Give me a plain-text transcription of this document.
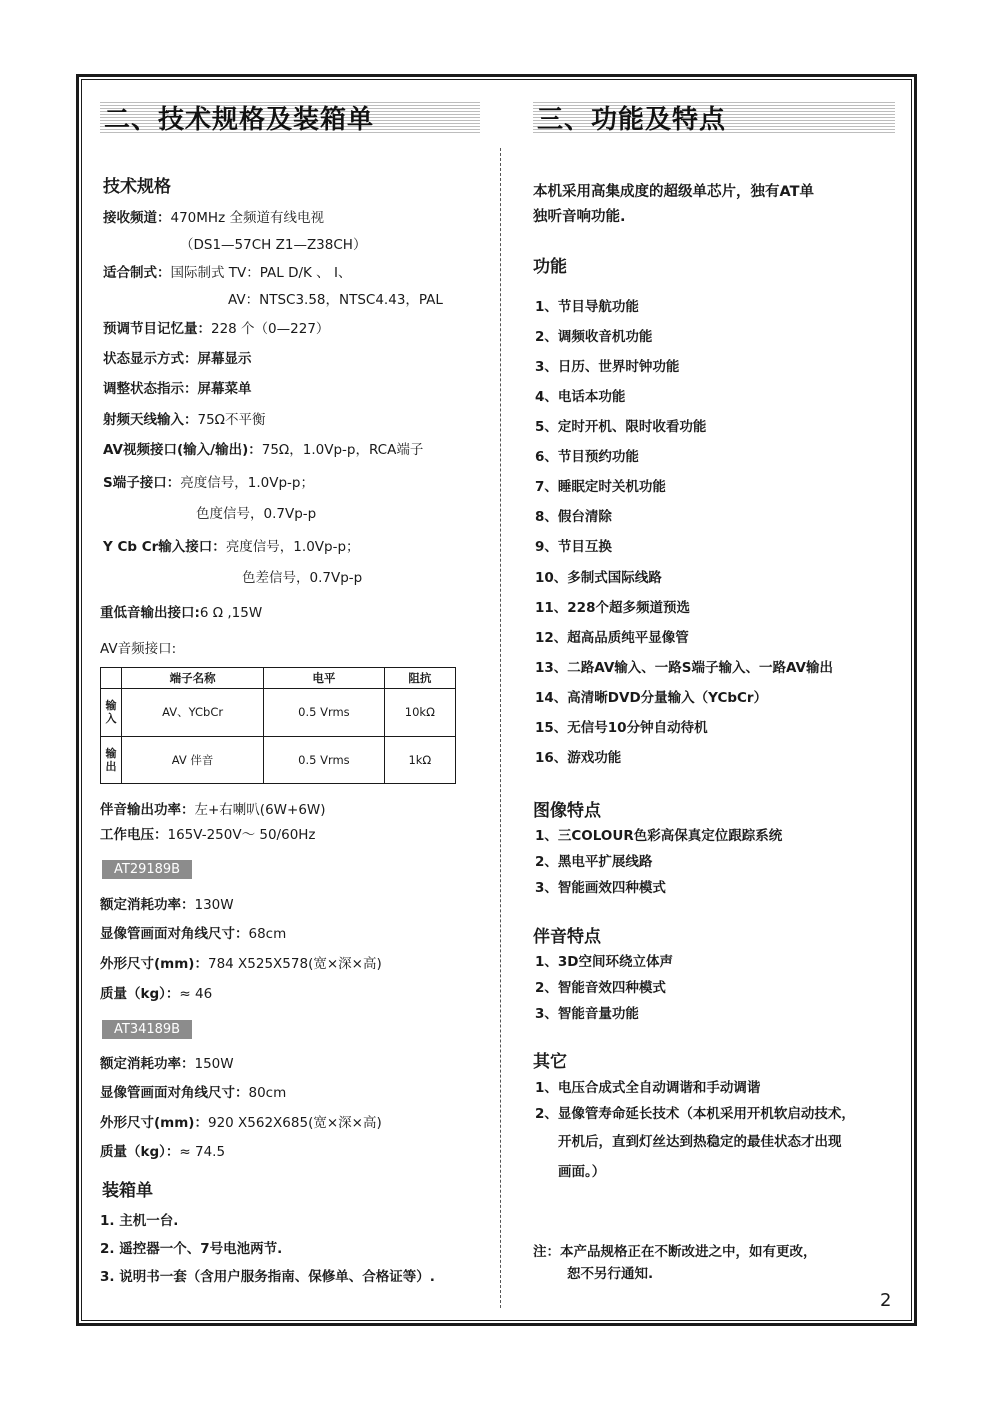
二、技术规格及装箱单	三、功能及特点
技术规格
接收频道：470MHz 全频道有线电视
（DS1—57CH Z1—Z38CH）
适合制式：国际制式 TV：PAL D/K 、 I、
AV：NTSC3.58，NTSC4.43，PAL
预调节目记忆量：228 个（0—227）
状态显示方式：屏幕显示
调整状态指示：屏幕菜单
射频天线输入：75Ω不平衡
AV视频接口(输入/输出)：75Ω，1.0Vp-p，RCA端子
S端子接口：亮度信号，1.0Vp-p；
色度信号，0.7Vp-p
Y Cb Cr输入接口：亮度信号，1.0Vp-p；
色差信号，0.7Vp-p
重低音输出接口:6 Ω ,15W
AV音频接口:
	端子名称	电平	阻抗
输入	AV、YCbCr	0.5 Vrms	10kΩ
输出	AV 伴音	0.5 Vrms	1kΩ
伴音输出功率：左+右喇叭(6W+6W)
工作电压：165V-250V～ 50/60Hz
AT29189B
额定消耗功率：130W
显像管画面对角线尺寸：68cm
外形尺寸(mm)：784 X525X578(宽×深×高)
质量（kg）：≈ 46
AT34189B
额定消耗功率：150W
显像管画面对角线尺寸：80cm
外形尺寸(mm)：920 X562X685(宽×深×高)
质量（kg）：≈ 74.5
装箱单
1. 主机一台.
2. 遥控器一个、7号电池两节.
3. 说明书一套（含用户服务指南、保修单、合格证等）.
本机采用高集成度的超级单芯片，独有AT单
独听音响功能.
功能
1、节目导航功能
2、调频收音机功能
3、日历、世界时钟功能
4、电话本功能
5、定时开机、限时收看功能
6、节目预约功能
7、睡眠定时关机功能
8、假台清除
9、节目互换
10、多制式国际线路
11、228个超多频道预选
12、超高品质纯平显像管
13、二路AV输入、一路S端子输入、一路AV输出
14、高清晰DVD分量输入（YCbCr）
15、无信号10分钟自动待机
16、游戏功能
图像特点
1、三COLOUR色彩高保真定位跟踪系统
2、黑电平扩展线路
3、智能画效四种模式
伴音特点
1、3D空间环绕立体声
2、智能音效四种模式
3、智能音量功能
其它
1、电压合成式全自动调谐和手动调谐
2、显像管寿命延长技术（本机采用开机软启动技术，
开机后，直到灯丝达到热稳定的最佳状态才出现
画面。）
注：本产品规格正在不断改进之中，如有更改，
恕不另行通知.
2
